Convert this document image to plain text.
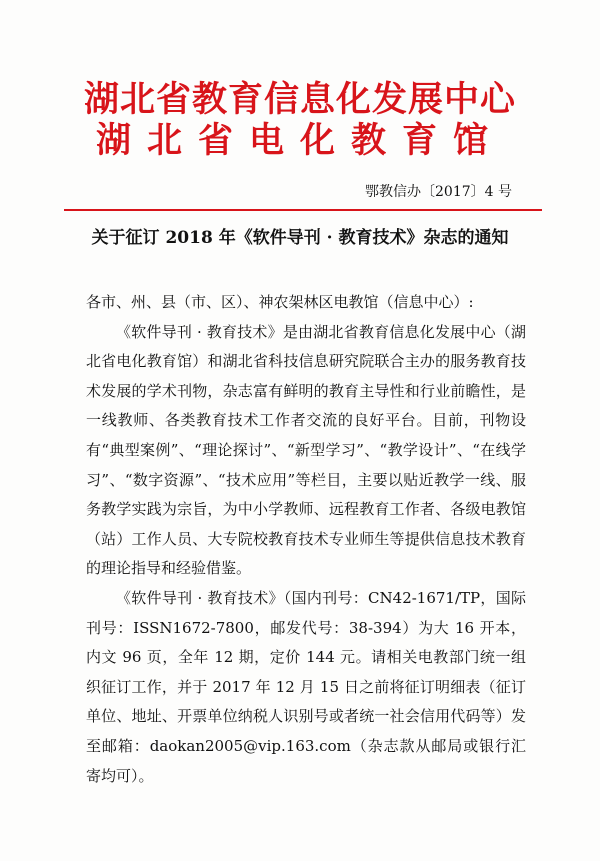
湖北省教育信息化发展中心
湖北省电化教育馆
鄂教信办〔2017〕4 号
关于征订 2018 年《软件导刊 · 教育技术》杂志的通知

各市、州、县（市、区）、神农架林区电教馆（信息中心）:

《软件导刊 · 教育技术》是由湖北省教育信息化发展中心（湖北省电化教育馆）和湖北省科技信息研究院联合主办的服务教育技术发展的学术刊物，杂志富有鲜明的教育主导性和行业前瞻性，是一线教师、各类教育技术工作者交流的良好平台。目前，刊物设有“典型案例”、“理论探讨”、“新型学习”、“教学设计”、“在线学习”、“数字资源”、“技术应用”等栏目，主要以贴近教学一线、服务教学实践为宗旨，为中小学教师、远程教育工作者、各级电教馆（站）工作人员、大专院校教育技术专业师生等提供信息技术教育的理论指导和经验借鉴。

《软件导刊 · 教育技术》（国内刊号：CN42-1671/TP，国际刊号：ISSN1672-7800，邮发代号：38-394）为大 16 开本，内文 96 页，全年 12 期，定价 144 元。请相关电教部门统一组织征订工作，并于 2017 年 12 月 15 日之前将征订明细表（征订单位、地址、开票单位纳税人识别号或者统一社会信用代码等）发至邮箱：daokan2005@vip.163.com（杂志款从邮局或银行汇寄均可）。
